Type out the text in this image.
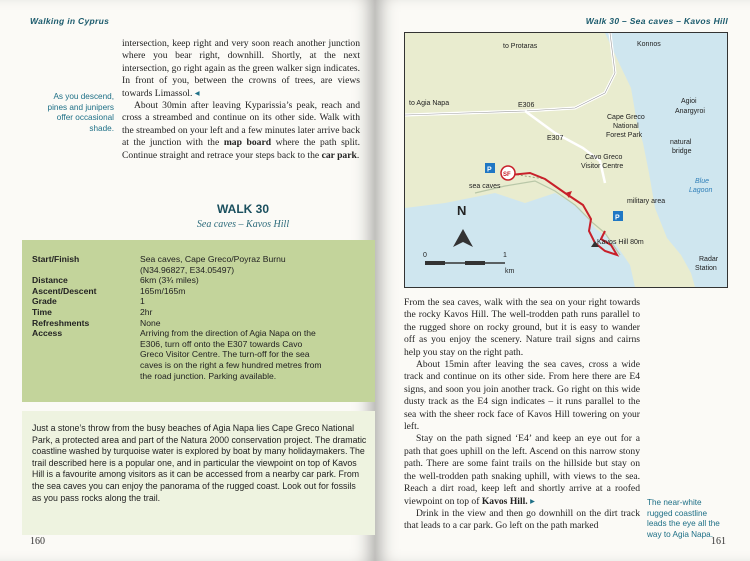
Walking in Cyprus
As you descend,
pines and junipers
offer occasional
shade.

intersection, keep right and very soon reach another junction where you bear right, downhill. Shortly, at the next intersection, go right again as the green walker sign indicates. In front of you, between the crowns of trees, are views towards Limassol. ◂

About 30min after leaving Kyparissia’s peak, reach and cross a streambed and continue on its other side. Walk with the streambed on your left and a few minutes later arrive back at the junction with the map board where the path split. Continue straight and retrace your steps back to the car park.

WALK 30
Sea caves – Kavos Hill
Start/Finish	Sea caves, Cape Greco/Poyraz Burnu (N34.96827, E34.05497)
Distance	6km (3¾ miles)
Ascent/Descent	165m/165m
Grade	1
Time	2hr
Refreshments	None
Access	Arriving from the direction of Agia Napa on the E306, turn off onto the E307 towards Cavo Greco Visitor Centre. The turn-off for the sea caves is on the right a few hundred metres from the road junction. Parking available.

Just a stone’s throw from the busy beaches of Agia Napa lies Cape Greco National Park, a protected area and part of the Natura 2000 conservation project. The dramatic coastline washed by turquoise water is explored by boat by many holidaymakers. The trail described here is a popular one, and in particular the viewpoint on top of Kavos Hill is a favourite among visitors as it can be accessed from a nearby car park. From the sea caves you can enjoy the panorama of the rugged coast. Look out for fossils as you pass rocks along the trail.

160
Walk 30 – Sea caves – Kavos Hill

From the sea caves, walk with the sea on your right towards the rocky Kavos Hill. The well-trodden path runs parallel to the rugged shore on rocky ground, but it is easy to wander off as you enjoy the scenery. Nature trail signs and cairns help you stay on the right path.

About 15min after leaving the sea caves, cross a wide track and continue on its other side. From here there are E4 signs, and soon you join another track. Go right on this wide dusty track as the E4 sign indicates – it runs parallel to the sea with the sheer rock face of Kavos Hill towering on your left.

Stay on the path signed ‘E4’ and keep an eye out for a path that goes uphill on the left. Ascend on this narrow stony path. There are some faint trails on the hillside but stay on the well-trodden path snaking uphill, with views to the sea. Reach a dirt road, keep left and shortly arrive at a roofed viewpoint on top of Kavos Hill. ▸

Drink in the view and then go downhill on the dirt track that leads to a car park. Go left on the path marked

The near-white
rugged coastline
leads the eye all the
way to Agia Napa.
161
SF
P
P
to Protaras	Konnos
to Agia Napa	Agioi
Anargyroi
Cape Greco
National
Forest Park
natural
bridge
E306
E307
Cavo Greco
Visitor Centre
Blue
Lagoon
sea caves
military area
Kavos Hill 80m
Radar
Station
N
0	1
km
